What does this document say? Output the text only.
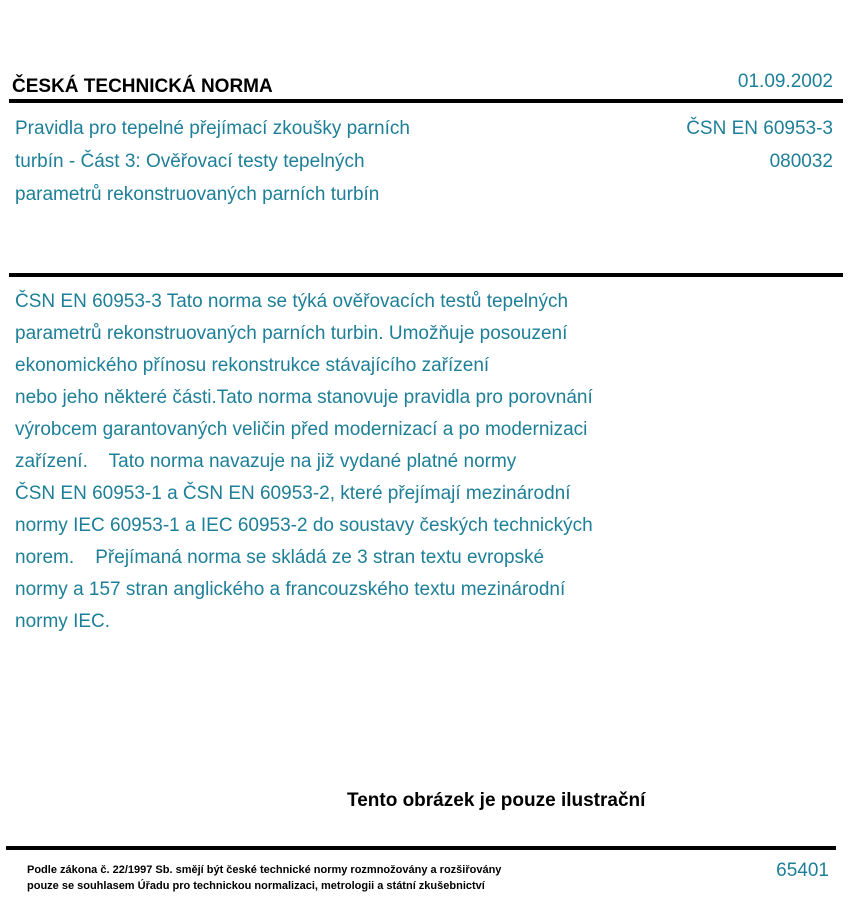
ČESKÁ TECHNICKÁ NORMA	01.09.2002
Pravidla pro tepelné přejímací zkoušky parních
turbín - Část 3: Ověřovací testy tepelných
parametrů rekonstruovaných parních turbín
ČSN EN 60953-3
080032
ČSN EN 60953-3 Tato norma se týká ověřovacích testů tepelných
parametrů rekonstruovaných parních turbin. Umožňuje posouzení
ekonomického přínosu rekonstrukce stávajícího zařízení
nebo jeho některé části.Tato norma stanovuje pravidla pro porovnání
výrobcem garantovaných veličin před modernizací a po modernizaci
zařízení.    Tato norma navazuje na již vydané platné normy
ČSN EN 60953-1 a ČSN EN 60953-2, které přejímají mezinárodní
normy IEC 60953-1 a IEC 60953-2 do soustavy českých technických
norem.    Přejímaná norma se skládá ze 3 stran textu evropské
normy a 157 stran anglického a francouzského textu mezinárodní
normy IEC.
Tento obrázek je pouze ilustrační
Podle zákona č. 22/1997 Sb. smějí být české technické normy rozmnožovány a rozšiřovány
pouze se souhlasem Úřadu pro technickou normalizaci, metrologii a státní zkušebnictví
65401
